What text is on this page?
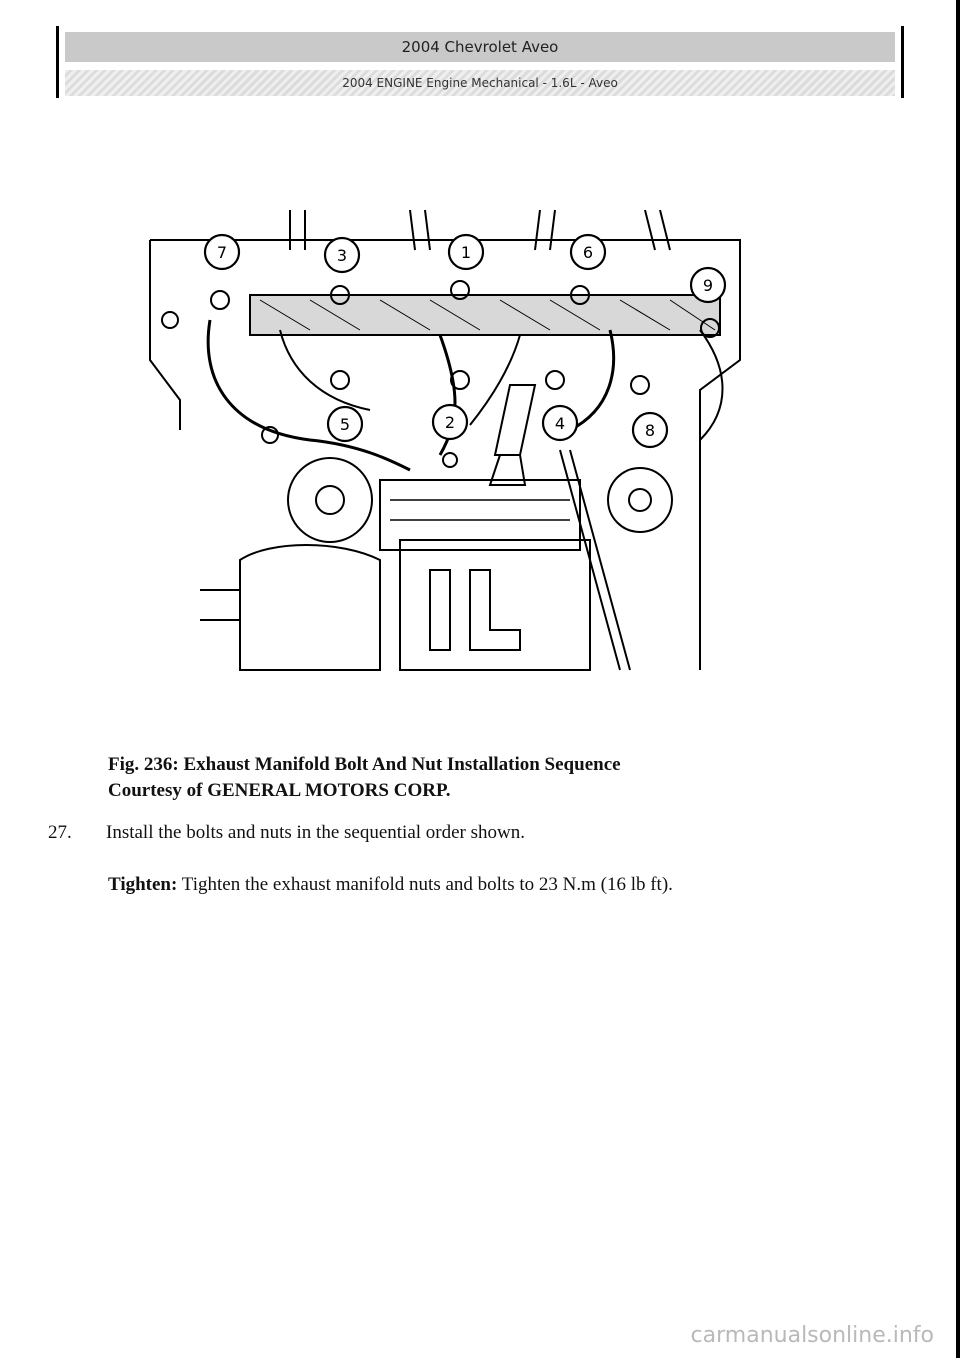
2004 Chevrolet Aveo
2004 ENGINE Engine Mechanical - 1.6L - Aveo
7	3	1	6
9
5	2	4	8
Fig. 236: Exhaust Manifold Bolt And Nut Installation Sequence
Courtesy of GENERAL MOTORS CORP.
27. Install the bolts and nuts in the sequential order shown.
Tighten: Tighten the exhaust manifold nuts and bolts to 23 N.m (16 lb ft).
carmanualsonline.info
